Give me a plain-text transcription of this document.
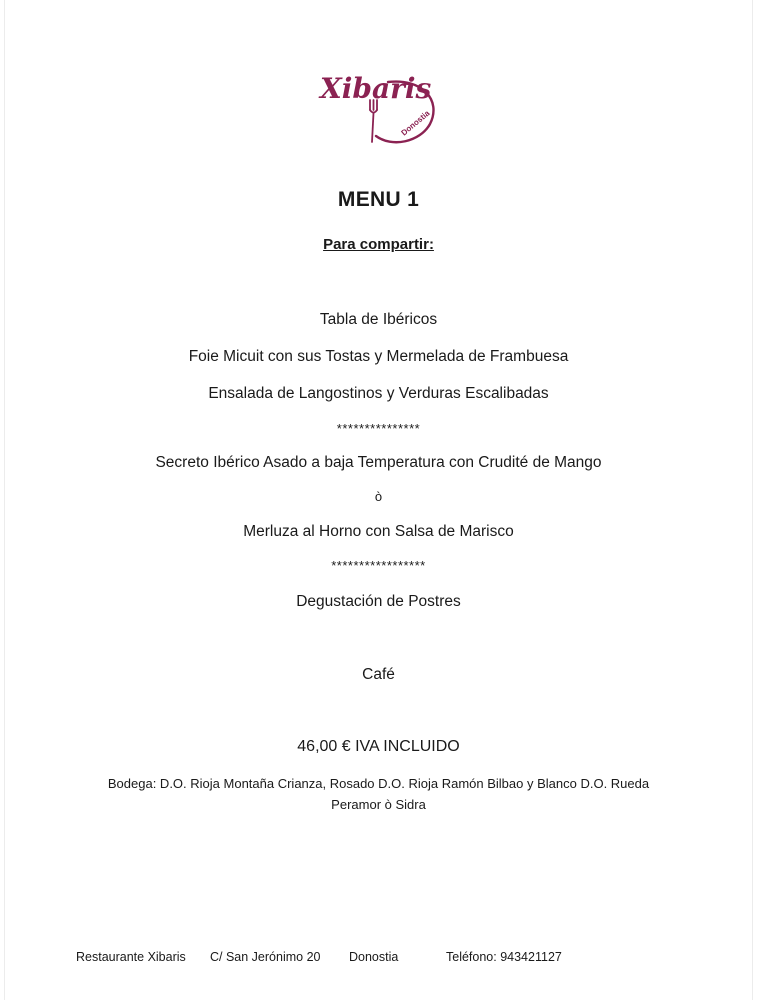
Xibaris
Donostia
MENU 1
Para compartir:
Tabla de Ibéricos
Foie Micuit con sus Tostas y Mermelada de Frambuesa
Ensalada de Langostinos y Verduras Escalibadas
***************
Secreto Ibérico Asado a baja Temperatura con Crudité de Mango
ò
Merluza al Horno con Salsa de Marisco
*****************
Degustación de Postres
Café
46,00 € IVA INCLUIDO
Bodega: D.O. Rioja Montaña Crianza, Rosado D.O. Rioja Ramón Bilbao y Blanco D.O. Rueda
Peramor ò Sidra
Restaurante Xibaris C/ San Jerónimo 20 Donostia	Teléfono: 943421127
